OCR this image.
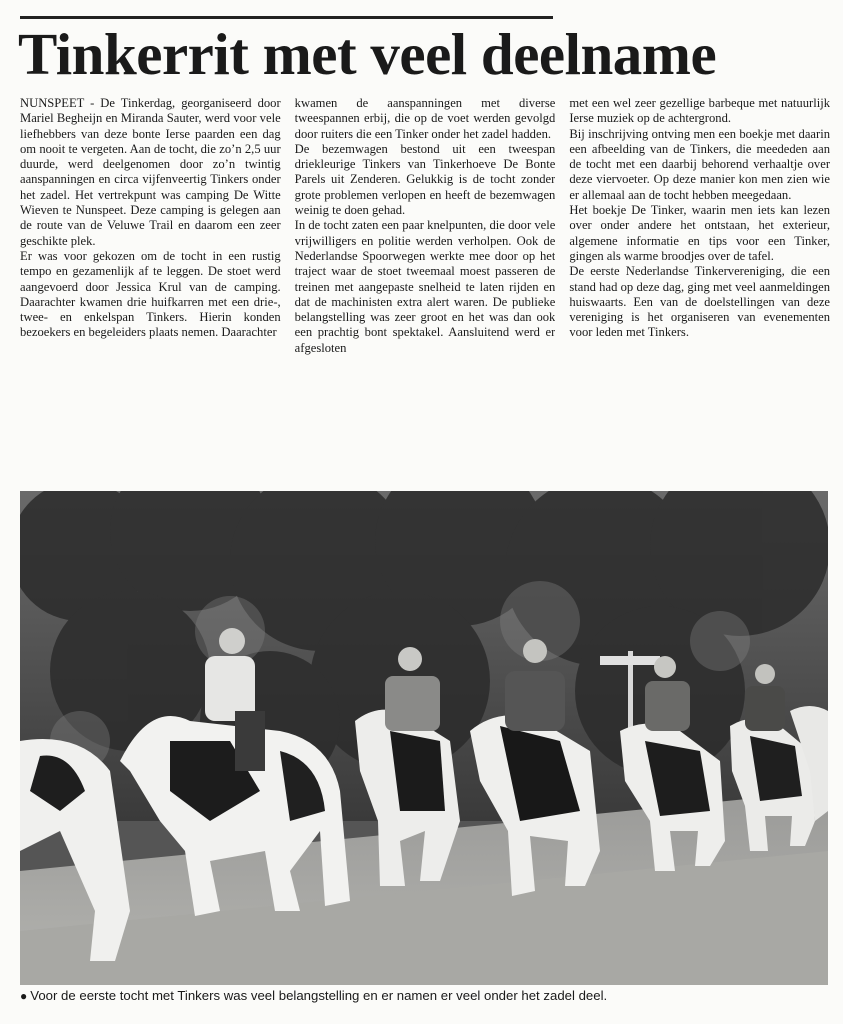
Tinkerrit met veel deelname

NUNSPEET - De Tinkerdag, georganiseerd door Mariel Begheijn en Miranda Sauter, werd voor vele liefhebbers van deze bonte Ierse paarden een dag om nooit te vergeten. Aan de tocht, die zo’n 2,5 uur duurde, werd deelgenomen door zo’n twintig aanspanningen en circa vijfenveertig Tinkers onder het zadel. Het vertrekpunt was camping De Witte Wieven te Nunspeet. Deze camping is gelegen aan de route van de Veluwe Trail en daarom een zeer geschikte plek.

Er was voor gekozen om de tocht in een rustig tempo en gezamenlijk af te leggen. De stoet werd aangevoerd door Jessica Krul van de camping. Daarachter kwamen drie huifkarren met een drie-, twee- en enkelspan Tinkers. Hierin konden bezoekers en begeleiders plaats nemen. Daarachter

kwamen de aanspanningen met diverse tweespannen erbij, die op de voet werden gevolgd door ruiters die een Tinker onder het zadel hadden.

De bezemwagen bestond uit een tweespan driekleurige Tinkers van Tinkerhoeve De Bonte Parels uit Zenderen. Gelukkig is de tocht zonder grote problemen verlopen en heeft de bezemwagen weinig te doen gehad.

In de tocht zaten een paar knelpunten, die door vele vrijwilligers en politie werden verholpen. Ook de Nederlandse Spoorwegen werkte mee door op het traject waar de stoet tweemaal moest passeren de treinen met aangepaste snelheid te laten rijden en dat de machinisten extra alert waren. De publieke belangstelling was zeer groot en het was dan ook een prachtig bont spektakel. Aansluitend werd er afgesloten

met een wel zeer gezellige barbeque met natuurlijk Ierse muziek op de achtergrond.

Bij inschrijving ontving men een boekje met daarin een afbeelding van de Tinkers, die meededen aan de tocht met een daarbij behorend verhaaltje over deze viervoeter. Op deze manier kon men zien wie er allemaal aan de tocht hebben meegedaan.

Het boekje De Tinker, waarin men iets kan lezen over onder andere het ontstaan, het exterieur, algemene informatie en tips voor een Tinker, gingen als warme broodjes over de tafel.

De eerste Nederlandse Tinkervereniging, die een stand had op deze dag, ging met veel aanmeldingen huiswaarts. Een van de doelstellingen van deze vereniging is het organiseren van evenementen voor leden met Tinkers.

● Voor de eerste tocht met Tinkers was veel belangstelling en er namen er veel onder het zadel deel.
